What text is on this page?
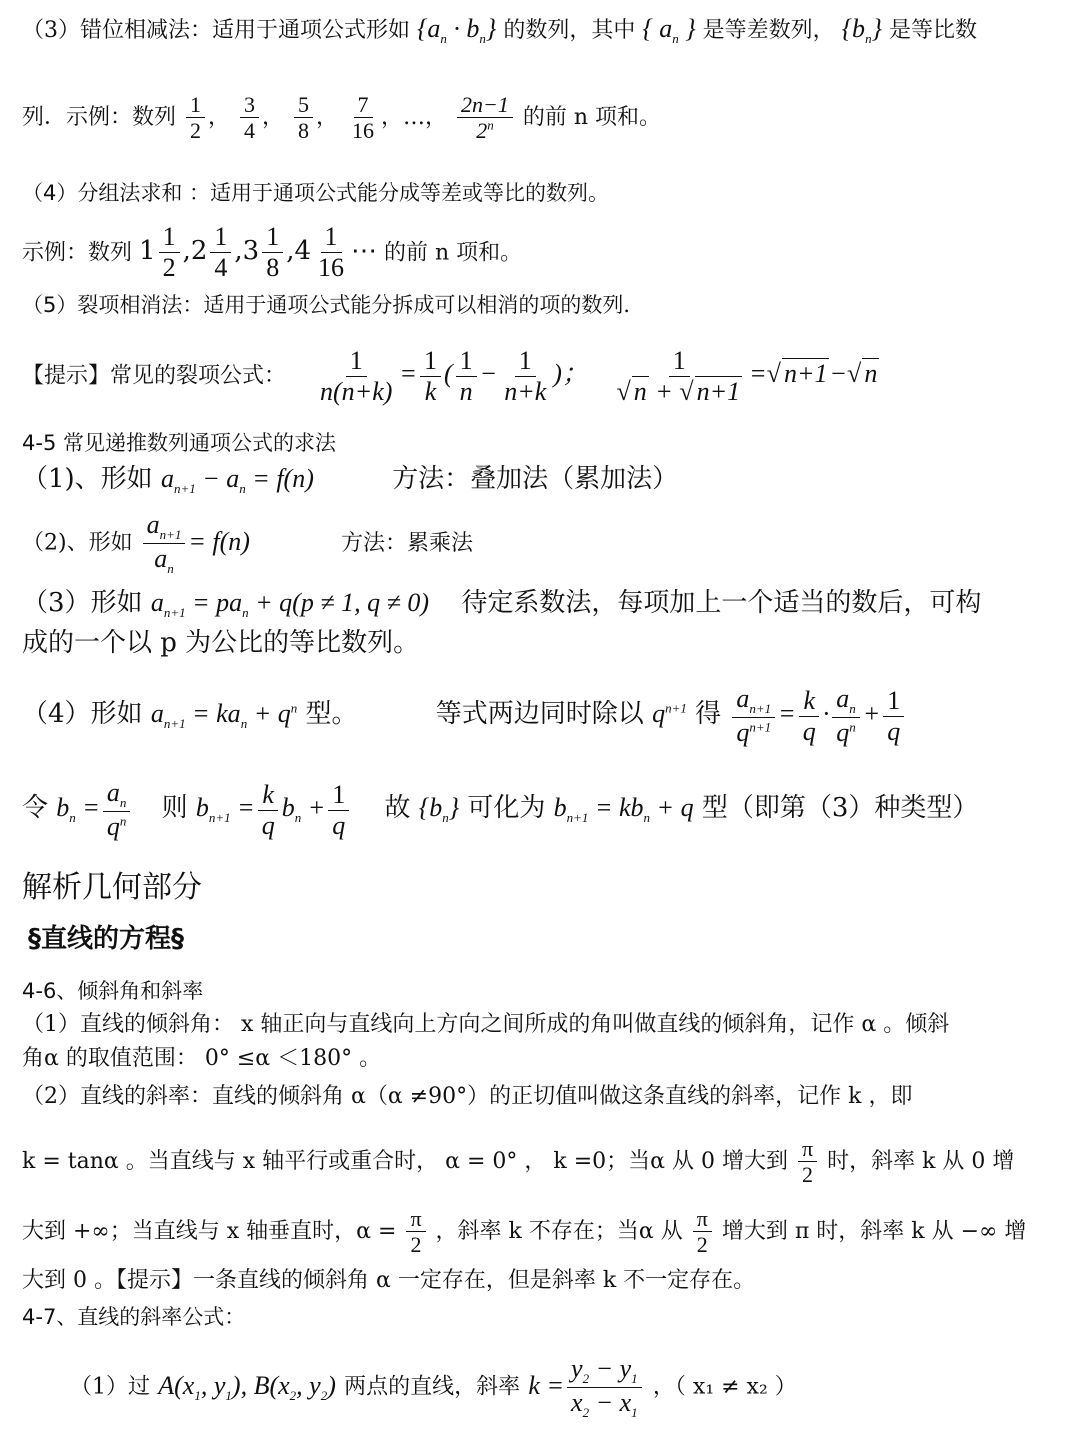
（3）错位相减法：适用于通项公式形如 $\{a_n \cdot b_n\}$ 的数列，其中 { $a_n$ } 是等差数列， $\{b_n\}$ 是等比数
列．示例：数列 $\frac{1}{2}$ ， $\frac{3}{4}$ ， $\frac{5}{8}$ ， $\frac{7}{16}$ ，…， $\frac{2n-1}{2^n}$ 的前 n 项和。
（4）分组法求和 ：适用于通项公式能分成等差或等比的数列。
示例：数列 $1 \frac{1}{2} ,2 \frac{1}{4} ,3 \frac{1}{8} ,4 \frac{1}{16}$ ⋯ 的前 n 项和。
（5）裂项相消法：适用于通项公式能分拆成可以相消的项的数列．
【提示】常见的裂项公式： $\frac{1}{n(n+k)} = \frac{1}{k}$ ( $\frac{1}{n} - \frac{1}{n+k}$ )； $\frac{1}{√ n + √ n+1}$ =√ n+1−√ n
4-5 常见递推数列通项公式的求法
（1)、形如 $a_{n+1} - a_n = f(n)$	方法：叠加法（累加法）
（2)、形如 $\frac{a_{n+1}}{a_n} = f(n)$	方法：累乘法
（3）形如 $a_{n+1} = pa_n + q(p \ne 1$, q ≠ 0) 待定系数法，每项加上一个适当的数后，可构
成的一个以 p 为公比的等比数列。
（4）形如 $a_{n+1} = ka_n + q^n$ 型。	等式两边同时除以 $q^{n+1}$ 得 $\frac{a_{n+1}}{q^{n+1}} = \frac{k}{q} \cdot \frac{a_n}{q^n} + \frac{1}{q}$
令 $b_n = \frac{a_n}{q^n}$ 则 $b_{n+1} = \frac{k}{q} b_n + \frac{1}{q}$ 故 $\{b_n\}$ 可化为 $b_{n+1} = kb_n + q$ 型（即第（3）种类型）
解析几何部分
§直线的方程§
4-6、倾斜角和斜率
（1）直线的倾斜角： x 轴正向与直线向上方向之间所成的角叫做直线的倾斜角，记作 α 。倾斜
角α 的取值范围： 0° ≤α ＜180° 。
（2）直线的斜率：直线的倾斜角 α（α ≠90°）的正切值叫做这条直线的斜率，记作 k ，即
k = tanα 。当直线与 x 轴平行或重合时， α = 0° ， k =0；当α 从 0 增大到 $\frac{\pi}{2}$ 时，斜率 k 从 0 增
大到 +∞；当直线与 x 轴垂直时，$\alpha = \frac{\pi}{2}$ ，斜率 k 不存在；当α 从 $\frac{\pi}{2}$ 增大到 π 时，斜率 k 从 −∞ 增
大到 0 。【提示】一条直线的倾斜角 α 一定存在，但是斜率 k 不一定存在。
4-7、直线的斜率公式：
（1）过 $A(x_1$, $y_1$), $B(x_2$, $y_2$) 两点的直线，斜率 $k = \frac{y_2 - y_1}{x_2 - x_1}$ ，（ x₁ ≠ x₂ ）
